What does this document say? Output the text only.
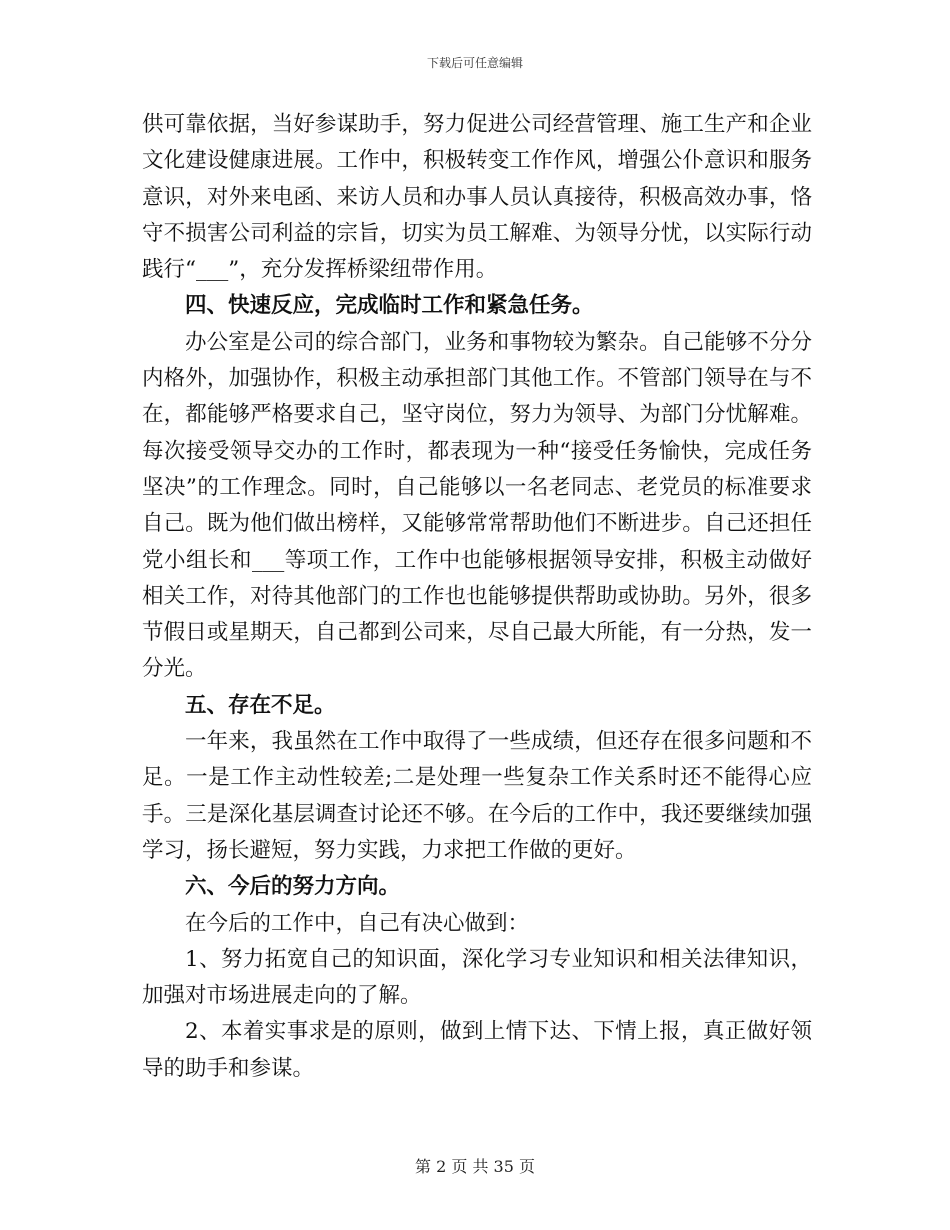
下载后可任意编辑

供可靠依据，当好参谋助手，努力促进公司经营管理、施工生产和企业文化建设健康进展。工作中，积极转变工作作风，增强公仆意识和服务意识，对外来电函、来访人员和办事人员认真接待，积极高效办事，恪守不损害公司利益的宗旨，切实为员工解难、为领导分忧，以实际行动践行“___”，充分发挥桥梁纽带作用。

四、快速反应，完成临时工作和紧急任务。

办公室是公司的综合部门，业务和事物较为繁杂。自己能够不分分内格外，加强协作，积极主动承担部门其他工作。不管部门领导在与不在，都能够严格要求自己，坚守岗位，努力为领导、为部门分忧解难。每次接受领导交办的工作时，都表现为一种“接受任务愉快，完成任务坚决”的工作理念。同时，自己能够以一名老同志、老党员的标准要求自己。既为他们做出榜样，又能够常常帮助他们不断进步。自己还担任党小组长和___等项工作，工作中也能够根据领导安排，积极主动做好相关工作，对待其他部门的工作也也能够提供帮助或协助。另外，很多节假日或星期天，自己都到公司来，尽自己最大所能，有一分热，发一分光。

五、存在不足。

一年来，我虽然在工作中取得了一些成绩，但还存在很多问题和不足。一是工作主动性较差;二是处理一些复杂工作关系时还不能得心应手。三是深化基层调查讨论还不够。在今后的工作中，我还要继续加强学习，扬长避短，努力实践，力求把工作做的更好。

六、今后的努力方向。

在今后的工作中，自己有决心做到：

1、努力拓宽自己的知识面，深化学习专业知识和相关法律知识，加强对市场进展走向的了解。

2、本着实事求是的原则，做到上情下达、下情上报，真正做好领导的助手和参谋。

第 2 页 共 35 页
